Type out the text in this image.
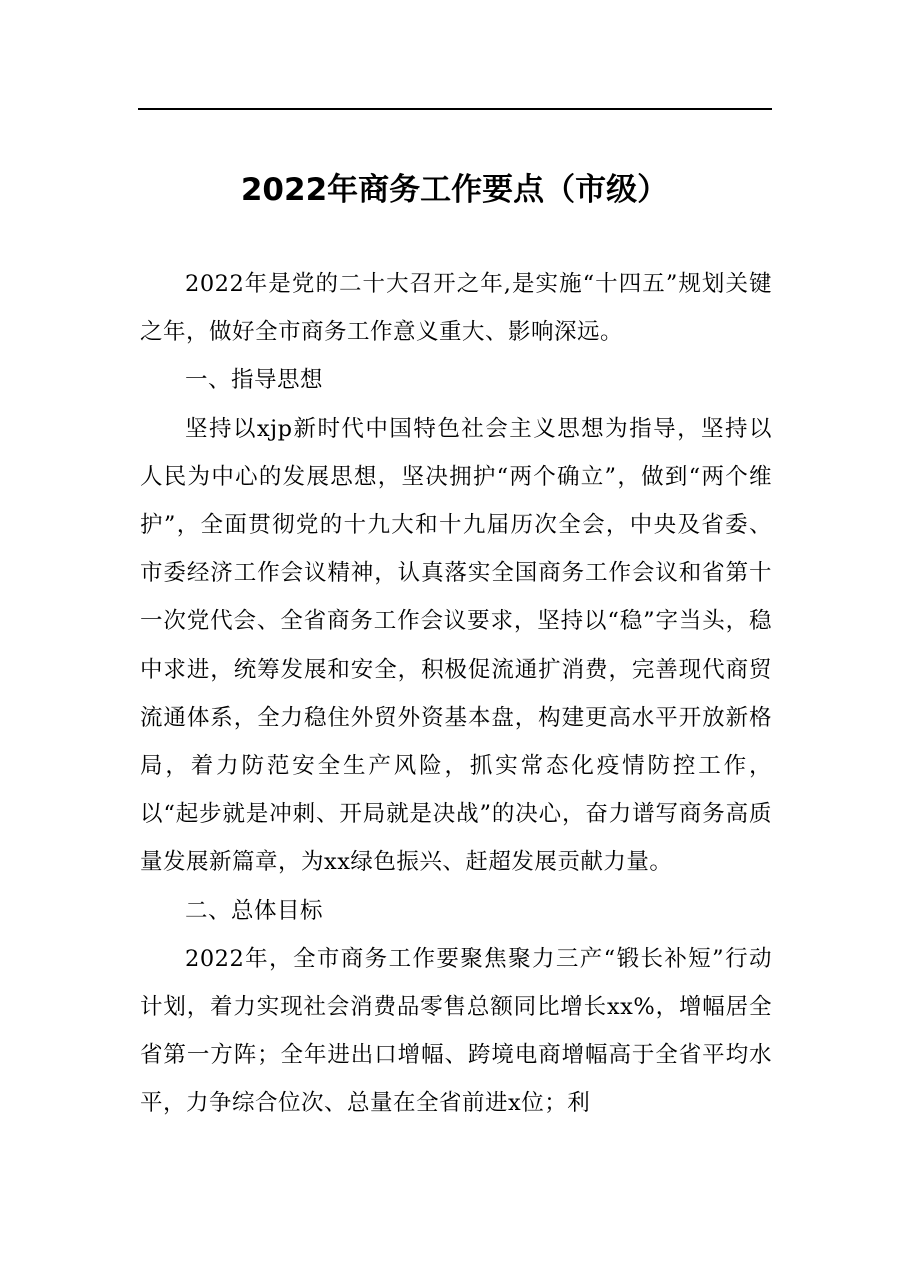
2022年商务工作要点（市级）

2022年是党的二十大召开之年,是实施“十四五”规划关键之年，做好全市商务工作意义重大、影响深远。

一、指导思想

坚持以xjp新时代中国特色社会主义思想为指导，坚持以人民为中心的发展思想，坚决拥护“两个确立”，做到“两个维护”，全面贯彻党的十九大和十九届历次全会，中央及省委、市委经济工作会议精神，认真落实全国商务工作会议和省第十一次党代会、全省商务工作会议要求，坚持以“稳”字当头，稳中求进，统筹发展和安全，积极促流通扩消费，完善现代商贸流通体系，全力稳住外贸外资基本盘，构建更高水平开放新格局，着力防范安全生产风险，抓实常态化疫情防控工作，以“起步就是冲刺、开局就是决战”的决心，奋力谱写商务高质量发展新篇章，为xx绿色振兴、赶超发展贡献力量。

二、总体目标

2022年，全市商务工作要聚焦聚力三产“锻长补短”行动计划，着力实现社会消费品零售总额同比增长xx%，增幅居全省第一方阵；全年进出口增幅、跨境电商增幅高于全省平均水平，力争综合位次、总量在全省前进x位；利
